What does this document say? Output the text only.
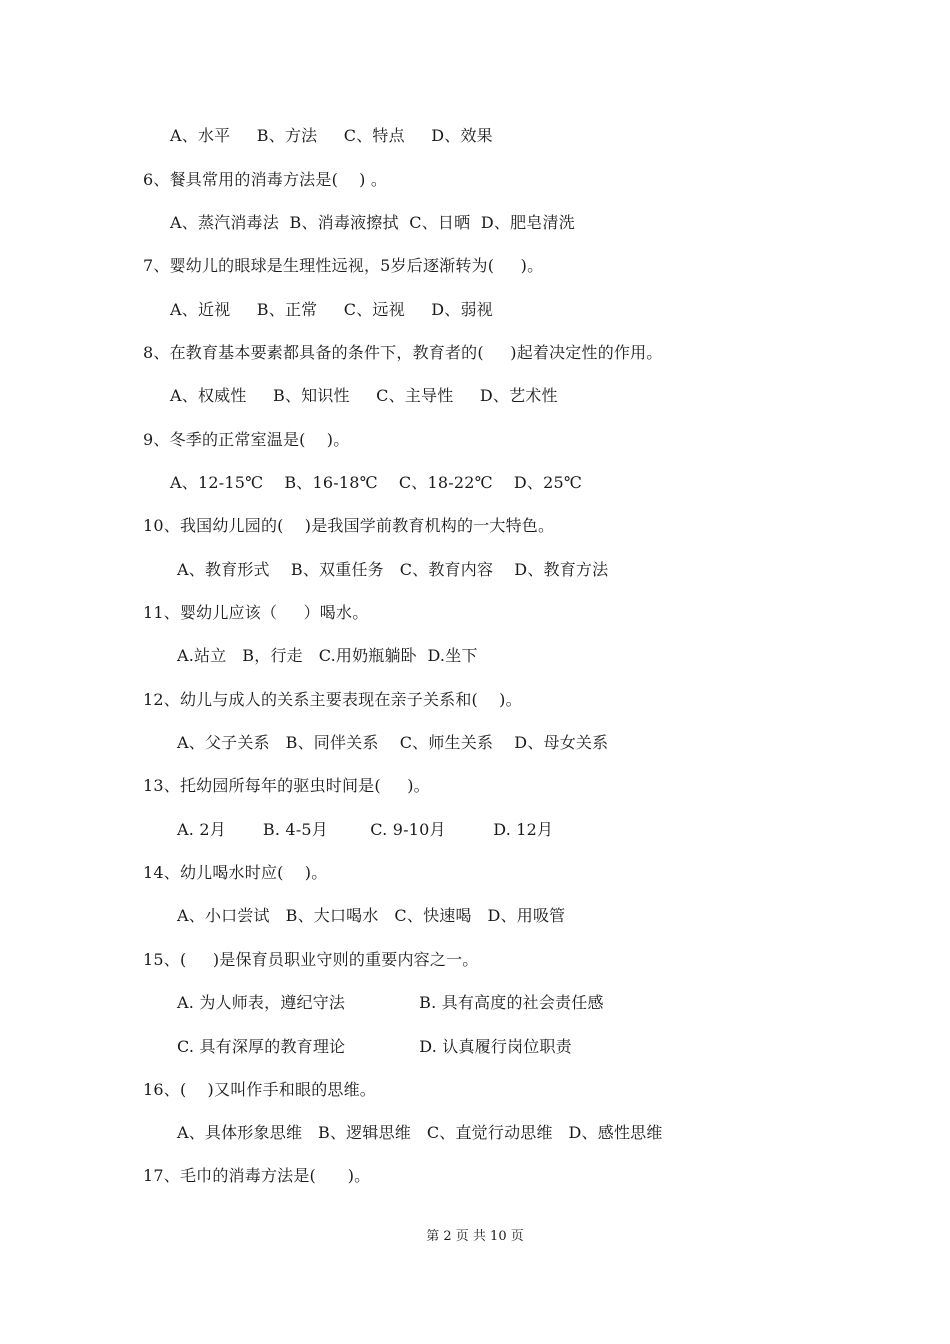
A、水平     B、方法     C、特点     D、效果
6、餐具常用的消毒方法是(    ) 。
A、蒸汽消毒法  B、消毒液擦拭  C、日晒  D、肥皂清洗
7、婴幼儿的眼球是生理性远视，5岁后逐渐转为(     )。
A、近视     B、正常     C、远视     D、弱视
8、在教育基本要素都具备的条件下，教育者的(     )起着决定性的作用。
A、权威性     B、知识性     C、主导性     D、艺术性
9、冬季的正常室温是(    )。
A、12-15℃    B、16-18℃    C、18-22℃    D、25℃
10、我国幼儿园的(    )是我国学前教育机构的一大特色。
A、教育形式    B、双重任务   C、教育内容    D、教育方法
11、婴幼儿应该（     ）喝水。
A.站立   B，行走   C.用奶瓶躺卧  D.坐下
12、幼儿与成人的关系主要表现在亲子关系和(    )。
A、父子关系   B、同伴关系    C、师生关系    D、母女关系
13、托幼园所每年的驱虫时间是(     )。
A. 2月       B. 4-5月        C. 9-10月         D. 12月
14、幼儿喝水时应(    )。
A、小口尝试   B、大口喝水   C、快速喝   D、用吸管
15、(     )是保育员职业守则的重要内容之一。
A. 为人师表，遵纪守法              B. 具有高度的社会责任感
C. 具有深厚的教育理论              D. 认真履行岗位职责
16、(    )又叫作手和眼的思维。
A、具体形象思维   B、逻辑思维   C、直觉行动思维   D、感性思维
17、毛巾的消毒方法是(      )。
第 2 页 共 10 页
